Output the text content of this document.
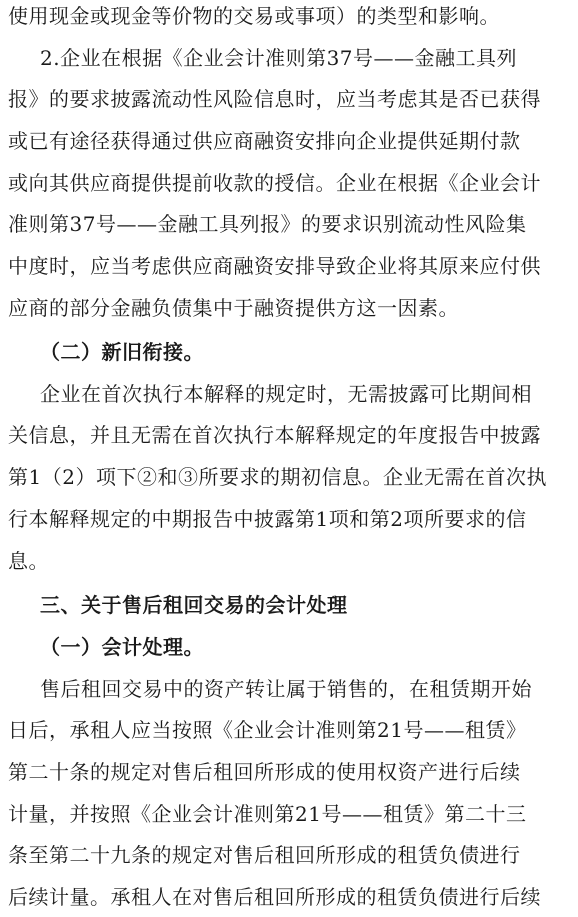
使用现金或现金等价物的交易或事项）的类型和影响。
2.企业在根据《企业会计准则第37号——金融工具列
报》的要求披露流动性风险信息时，应当考虑其是否已获得
或已有途径获得通过供应商融资安排向企业提供延期付款
或向其供应商提供提前收款的授信。企业在根据《企业会计
准则第37号——金融工具列报》的要求识别流动性风险集
中度时，应当考虑供应商融资安排导致企业将其原来应付供
应商的部分金融负债集中于融资提供方这一因素。
（二）新旧衔接。
企业在首次执行本解释的规定时，无需披露可比期间相
关信息，并且无需在首次执行本解释规定的年度报告中披露
第1（2）项下②和③所要求的期初信息。企业无需在首次执
行本解释规定的中期报告中披露第1项和第2项所要求的信
息。
三、关于售后租回交易的会计处理
（一）会计处理。
售后租回交易中的资产转让属于销售的，在租赁期开始
日后，承租人应当按照《企业会计准则第21号——租赁》
第二十条的规定对售后租回所形成的使用权资产进行后续
计量，并按照《企业会计准则第21号——租赁》第二十三
条至第二十九条的规定对售后租回所形成的租赁负债进行
后续计量。承租人在对售后租回所形成的租赁负债进行后续
